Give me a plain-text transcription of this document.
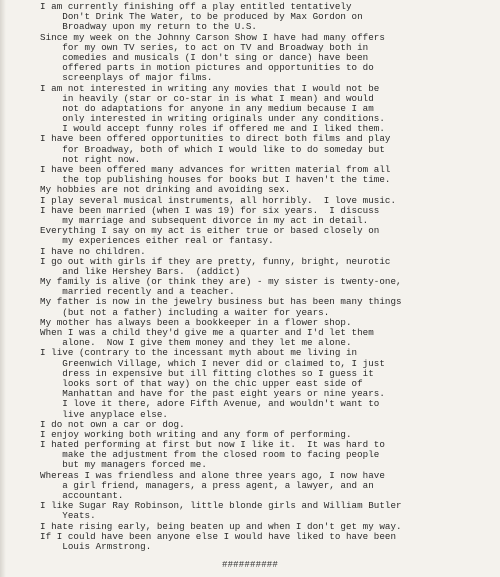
I am currently finishing off a play entitled tentatively
Don't Drink The Water, to be produced by Max Gordon on
Broadway upon my return to the U.S.
Since my week on the Johnny Carson Show I have had many offers
for my own TV series, to act on TV and Broadway both in
comedies and musicals (I don't sing or dance) have been
offered parts in motion pictures and opportunities to do
screenplays of major films.
I am not interested in writing any movies that I would not be
in heavily (star or co-star in is what I mean) and would
not do adaptations for anyone in any medium because I am
only interested in writing originals under any conditions.
I would accept funny roles if offered me and I liked them.
I have been offered opportunities to direct both films and play
for Broadway, both of which I would like to do someday but
not right now.
I have been offered many advances for written material from all
the top publishing houses for books but I haven't the time.
My hobbies are not drinking and avoiding sex.
I play several musical instruments, all horribly.  I love music.
I have been married (when I was 19) for six years.  I discuss
my marriage and subsequent divorce in my act in detail.
Everything I say on my act is either true or based closely on
my experiences either real or fantasy.
I have no children.
I go out with girls if they are pretty, funny, bright, neurotic
and like Hershey Bars.  (addict)
My family is alive (or think they are) - my sister is twenty-one,
married recently and a teacher.
My father is now in the jewelry business but has been many things
(but not a father) including a waiter for years.
My mother has always been a bookkeeper in a flower shop.
When I was a child they'd give me a quarter and I'd let them
alone.  Now I give them money and they let me alone.
I live (contrary to the incessant myth about me living in
Greenwich Village, which I never did or claimed to, I just
dress in expensive but ill fitting clothes so I guess it
looks sort of that way) on the chic upper east side of
Manhattan and have for the past eight years or nine years.
I love it there, adore Fifth Avenue, and wouldn't want to
live anyplace else.
I do not own a car or dog.
I enjoy working both writing and any form of performing.
I hated performing at first but now I like it.  It was hard to
make the adjustment from the closed room to facing people
but my managers forced me.
Whereas I was friendless and alone three years ago, I now have
a girl friend, managers, a press agent, a lawyer, and an
accountant.
I like Sugar Ray Robinson, little blonde girls and William Butler
Yeats.
I hate rising early, being beaten up and when I don't get my way.
If I could have been anyone else I would have liked to have been
Louis Armstrong.
##########
